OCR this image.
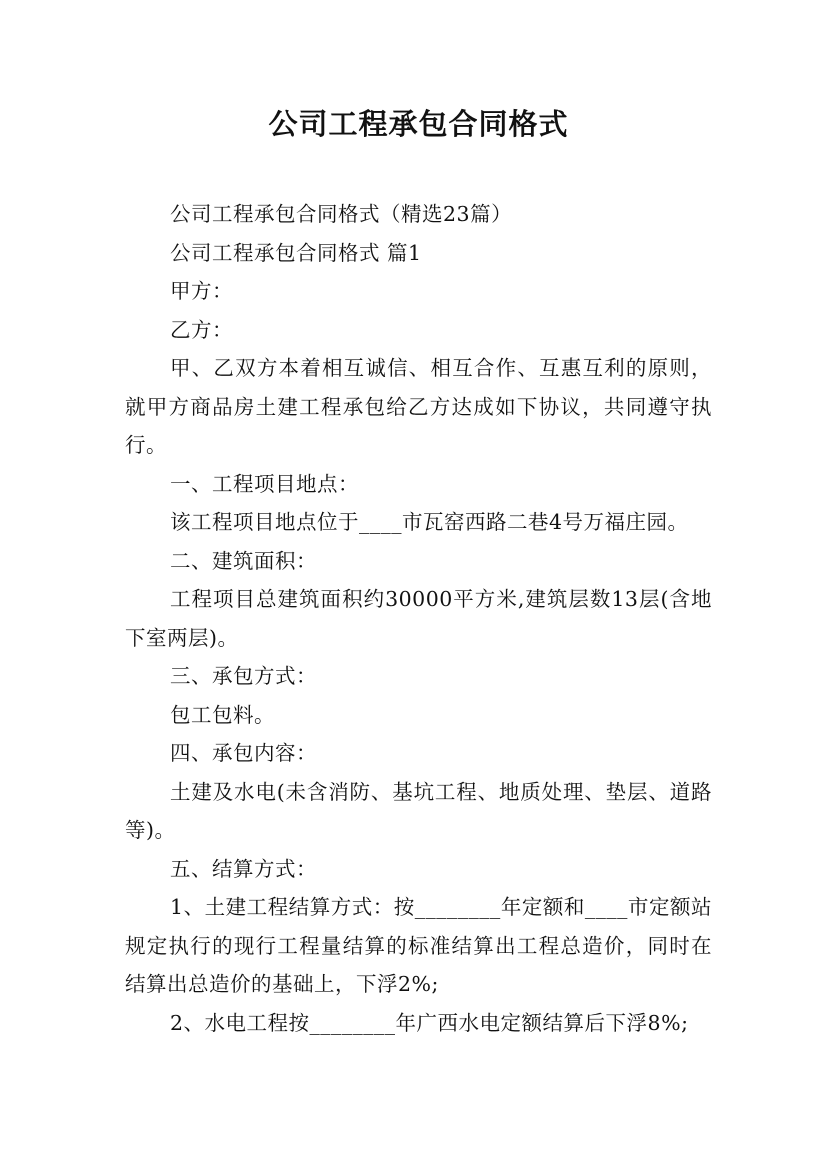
公司工程承包合同格式

公司工程承包合同格式（精选23篇）

公司工程承包合同格式 篇1

甲方：

乙方：

甲、乙双方本着相互诚信、相互合作、互惠互利的原则，就甲方商品房土建工程承包给乙方达成如下协议，共同遵守执行。

一、工程项目地点：

该工程项目地点位于____市瓦窑西路二巷4号万福庄园。

二、建筑面积：

工程项目总建筑面积约30000平方米,建筑层数13层(含地下室两层)。

三、承包方式：

包工包料。

四、承包内容：

土建及水电(未含消防、基坑工程、地质处理、垫层、道路等)。

五、结算方式：

1、土建工程结算方式：按________年定额和____市定额站规定执行的现行工程量结算的标准结算出工程总造价，同时在结算出总造价的基础上，下浮2%;

2、水电工程按________年广西水电定额结算后下浮8%;
